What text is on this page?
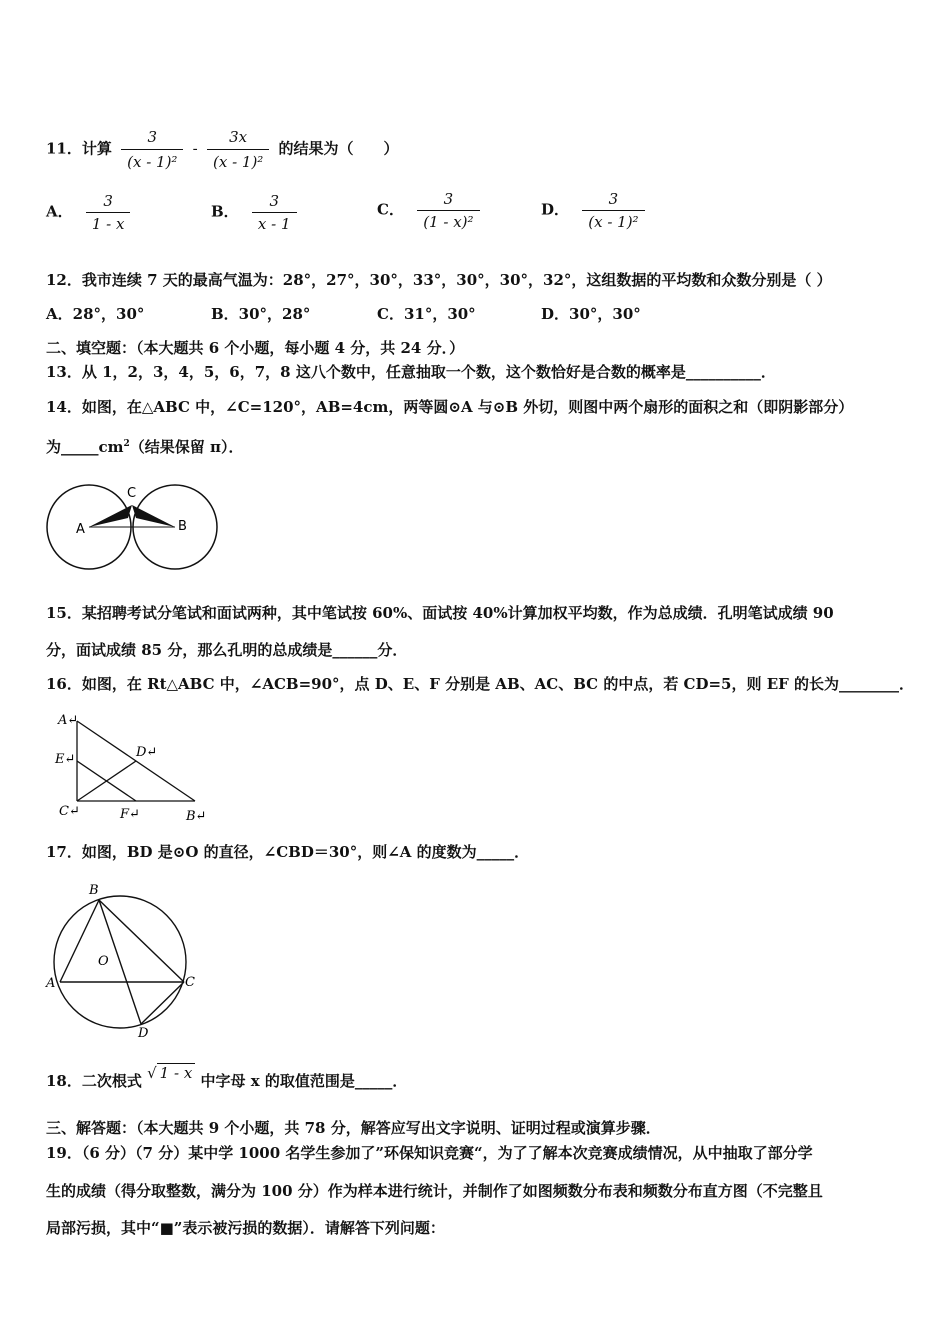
11．计算 $\frac{3}{\text{(x - 1)²}} - \frac{3x}{\text{(x - 1)²}}$ 的结果为（　　）
A． $\frac{3}{1 - x}$	B． $\frac{3}{x - 1}$	C． $\frac{3}{\text{(1 - x)²}}$	D． $\frac{3}{\text{(x - 1)²}}$
12．我市连续 7 天的最高气温为：28°，27°，30°，33°，30°，30°，32°，这组数据的平均数和众数分别是（ ）
A．28°，30°	B．30°，28°	C．31°，30°	D．30°，30°
二、填空题：（本大题共 6 个小题，每小题 4 分，共 24 分．）
13．从 1，2，3，4，5，6，7，8 这八个数中，任意抽取一个数，这个数恰好是合数的概率是__________．
14．如图，在△ABC 中，∠C=120°，AB=4cm，两等圆⊙A 与⊙B 外切，则图中两个扇形的面积之和（即阴影部分）
为$\_\_\_\_\_cm^2$（结果保留 π）．
A	B
C
15．某招聘考试分笔试和面试两种，其中笔试按 60%、面试按 40%计算加权平均数，作为总成绩．孔明笔试成绩 90
分，面试成绩 85 分，那么孔明的总成绩是______分．
16．如图，在 Rt△ABC 中，∠ACB=90°，点 D、E、F 分别是 AB、AC、BC 的中点，若 CD=5，则 EF 的长为________．
A↵
E↵	D↵
C↵	F↵	B↵
17．如图，BD 是⊙O 的直径，∠CBD＝30°，则∠A 的度数为_____．
B
O
A	C
D
18．二次根式 √ 1 - x 中字母 x 的取值范围是_____．
三、解答题：（本大题共 9 个小题，共 78 分，解答应写出文字说明、证明过程或演算步骤．
19．（6 分）（7 分）某中学 1000 名学生参加了”环保知识竞赛“，为了了解本次竞赛成绩情况，从中抽取了部分学
生的成绩（得分取整数，满分为 100 分）作为样本进行统计，并制作了如图频数分布表和频数分布直方图（不完整且
局部污损，其中“■”表示被污损的数据）．请解答下列问题：
